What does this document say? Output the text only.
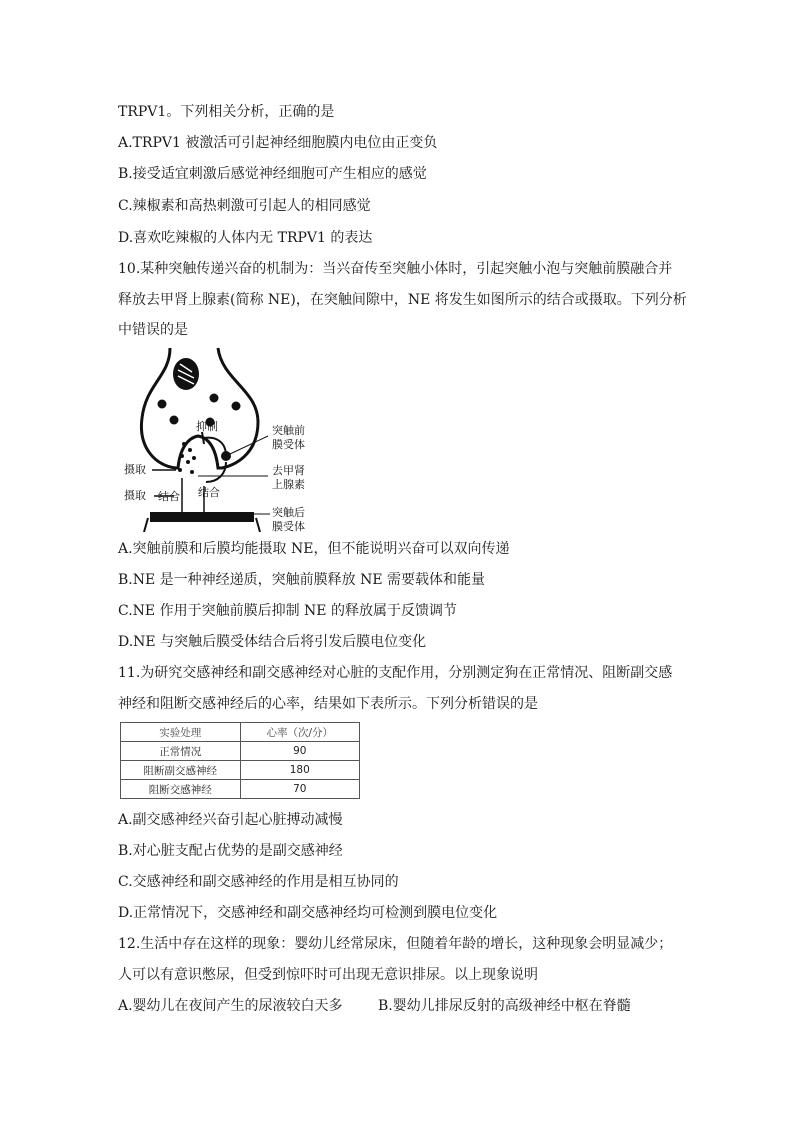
TRPV1。下列相关分析，正确的是
A.TRPV1 被激活可引起神经细胞膜内电位由正变负
B.接受适宜刺激后感觉神经细胞可产生相应的感觉
C.辣椒素和高热刺激可引起人的相同感觉
D.喜欢吃辣椒的人体内无 TRPV1 的表达
10.某种突触传递兴奋的机制为：当兴奋传至突触小体时，引起突触小泡与突触前膜融合并
释放去甲肾上腺素(简称 NE)，在突触间隙中，NE 将发生如图所示的结合或摄取。下列分析
中错误的是
抑制	突触前
膜受体
去甲肾
上腺素
摄取
摄取 结合 结合
突触后
膜受体
A.突触前膜和后膜均能摄取 NE，但不能说明兴奋可以双向传递
B.NE 是一种神经递质，突触前膜释放 NE 需要载体和能量
C.NE 作用于突触前膜后抑制 NE 的释放属于反馈调节
D.NE 与突触后膜受体结合后将引发后膜电位变化
11.为研究交感神经和副交感神经对心脏的支配作用，分别测定狗在正常情况、阻断副交感
神经和阻断交感神经后的心率，结果如下表所示。下列分析错误的是
实验处理	心率（次/分）
正常情况	90
阻断副交感神经	180
阻断交感神经	70
A.副交感神经兴奋引起心脏搏动减慢
B.对心脏支配占优势的是副交感神经
C.交感神经和副交感神经的作用是相互协同的
D.正常情况下，交感神经和副交感神经均可检测到膜电位变化
12.生活中存在这样的现象：婴幼儿经常尿床，但随着年龄的增长，这种现象会明显减少；
人可以有意识憋尿，但受到惊吓时可出现无意识排尿。以上现象说明
A.婴幼儿在夜间产生的尿液较白天多	B.婴幼儿排尿反射的高级神经中枢在脊髓
